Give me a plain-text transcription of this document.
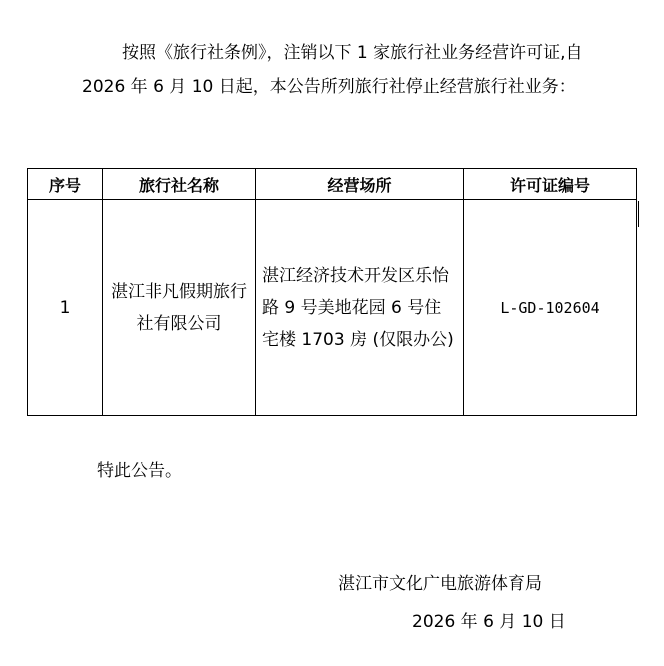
按照《旅行社条例》，注销以下 1 家旅行社业务经营许可证,自 2026 年 6 月 10 日起，本公告所列旅行社停止经营旅行社业务：

序号	旅行社名称	经营场所	许可证编号
1	湛江非凡假期旅行社有限公司	湛江经济技术开发区乐怡路 9 号美地花园 6 号住宅楼 1703 房 (仅限办公)	L-GD-102604

特此公告。

湛江市文化广电旅游体育局

2026 年 6 月 10 日
